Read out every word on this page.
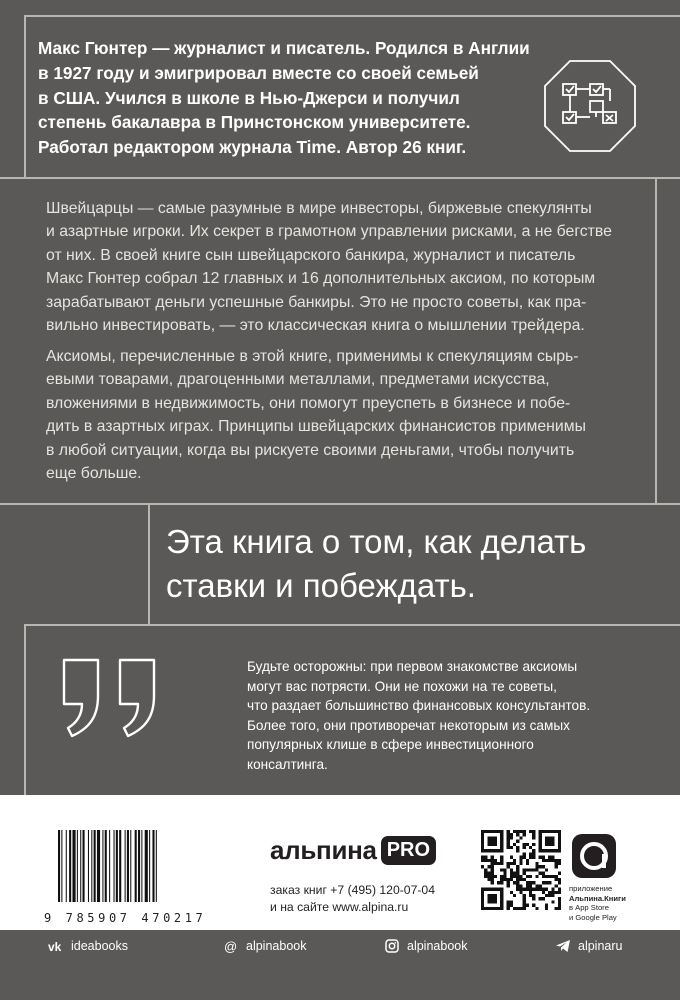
Макс Гюнтер — журналист и писатель. Родился в Англии
в 1927 году и эмигрировал вместе со своей семьей
в США. Учился в школе в Нью-Джерси и получил
степень бакалавра в Принстонском университете.
Работал редактором журнала Time. Автор 26 книг.
Швейцарцы — самые разумные в мире инвесторы, биржевые спекулянты
и азартные игроки. Их секрет в грамотном управлении рисками, а не бегстве
от них. В своей книге сын швейцарского банкира, журналист и писатель
Макс Гюнтер собрал 12 главных и 16 дополнительных аксиом, по которым
зарабатывают деньги успешные банкиры. Это не просто советы, как пра-
вильно инвестировать, — это классическая книга о мышлении трейдера.
Аксиомы, перечисленные в этой книге, применимы к спекуляциям сырь-
евыми товарами, драгоценными металлами, предметами искусства,
вложениями в недвижимость, они помогут преуспеть в бизнесе и побе-
дить в азартных играх. Принципы швейцарских финансистов применимы
в любой ситуации, когда вы рискуете своими деньгами, чтобы получить
еще больше.
Эта книга о том, как делать
ставки и побеждать.
Будьте осторожны: при первом знакомстве аксиомы
могут вас потрясти. Они не похожи на те советы,
что раздает большинство финансовых консультантов.
Более того, они противоречат некоторым из самых
популярных клише в сфере инвестиционного
консалтинга.
9 785907 470217
альпина PRO
заказ книг +7 (495) 120-07-04
и на сайте www.alpina.ru
приложение
Альпина.Книги
в App Store
и Google Play
vk ideabooks	@ alpinabook	alpinabook	alpinaru
